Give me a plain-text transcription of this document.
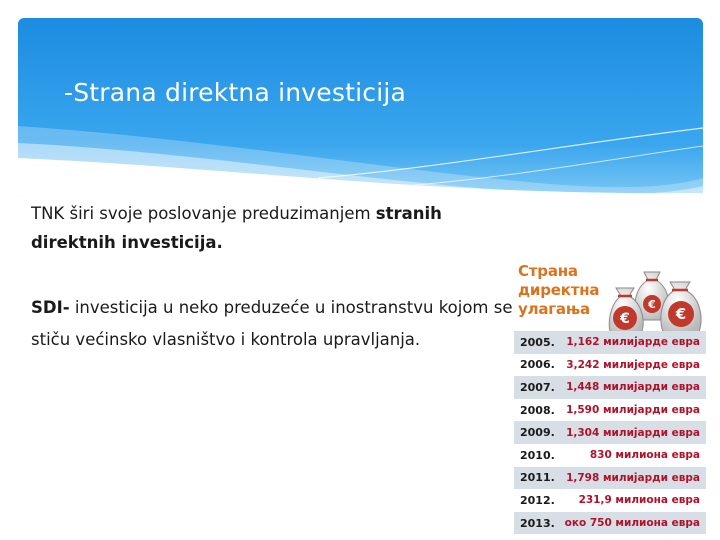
-Strana direktna investicija
TNK širi svoje poslovanje preduzimanjem stranih direktnih investicija.
SDI- investicija u neko preduzeće u inostranstvu kojom se stiču većinsko vlasništvo i kontrola upravljanja.
Страна
директна
улагања	€
€	€
2005.	1,162 милијарде евра
2006.	3,242 милијерде евра
2007.	1,448 милијарди евра
2008.	1,590 милијарди евра
2009.	1,304 милијарди евра
2010.	830 милиона евра
2011.	1,798 милијарди евра
2012.	231,9 милиона евра
2013. око 750 милиона евра
